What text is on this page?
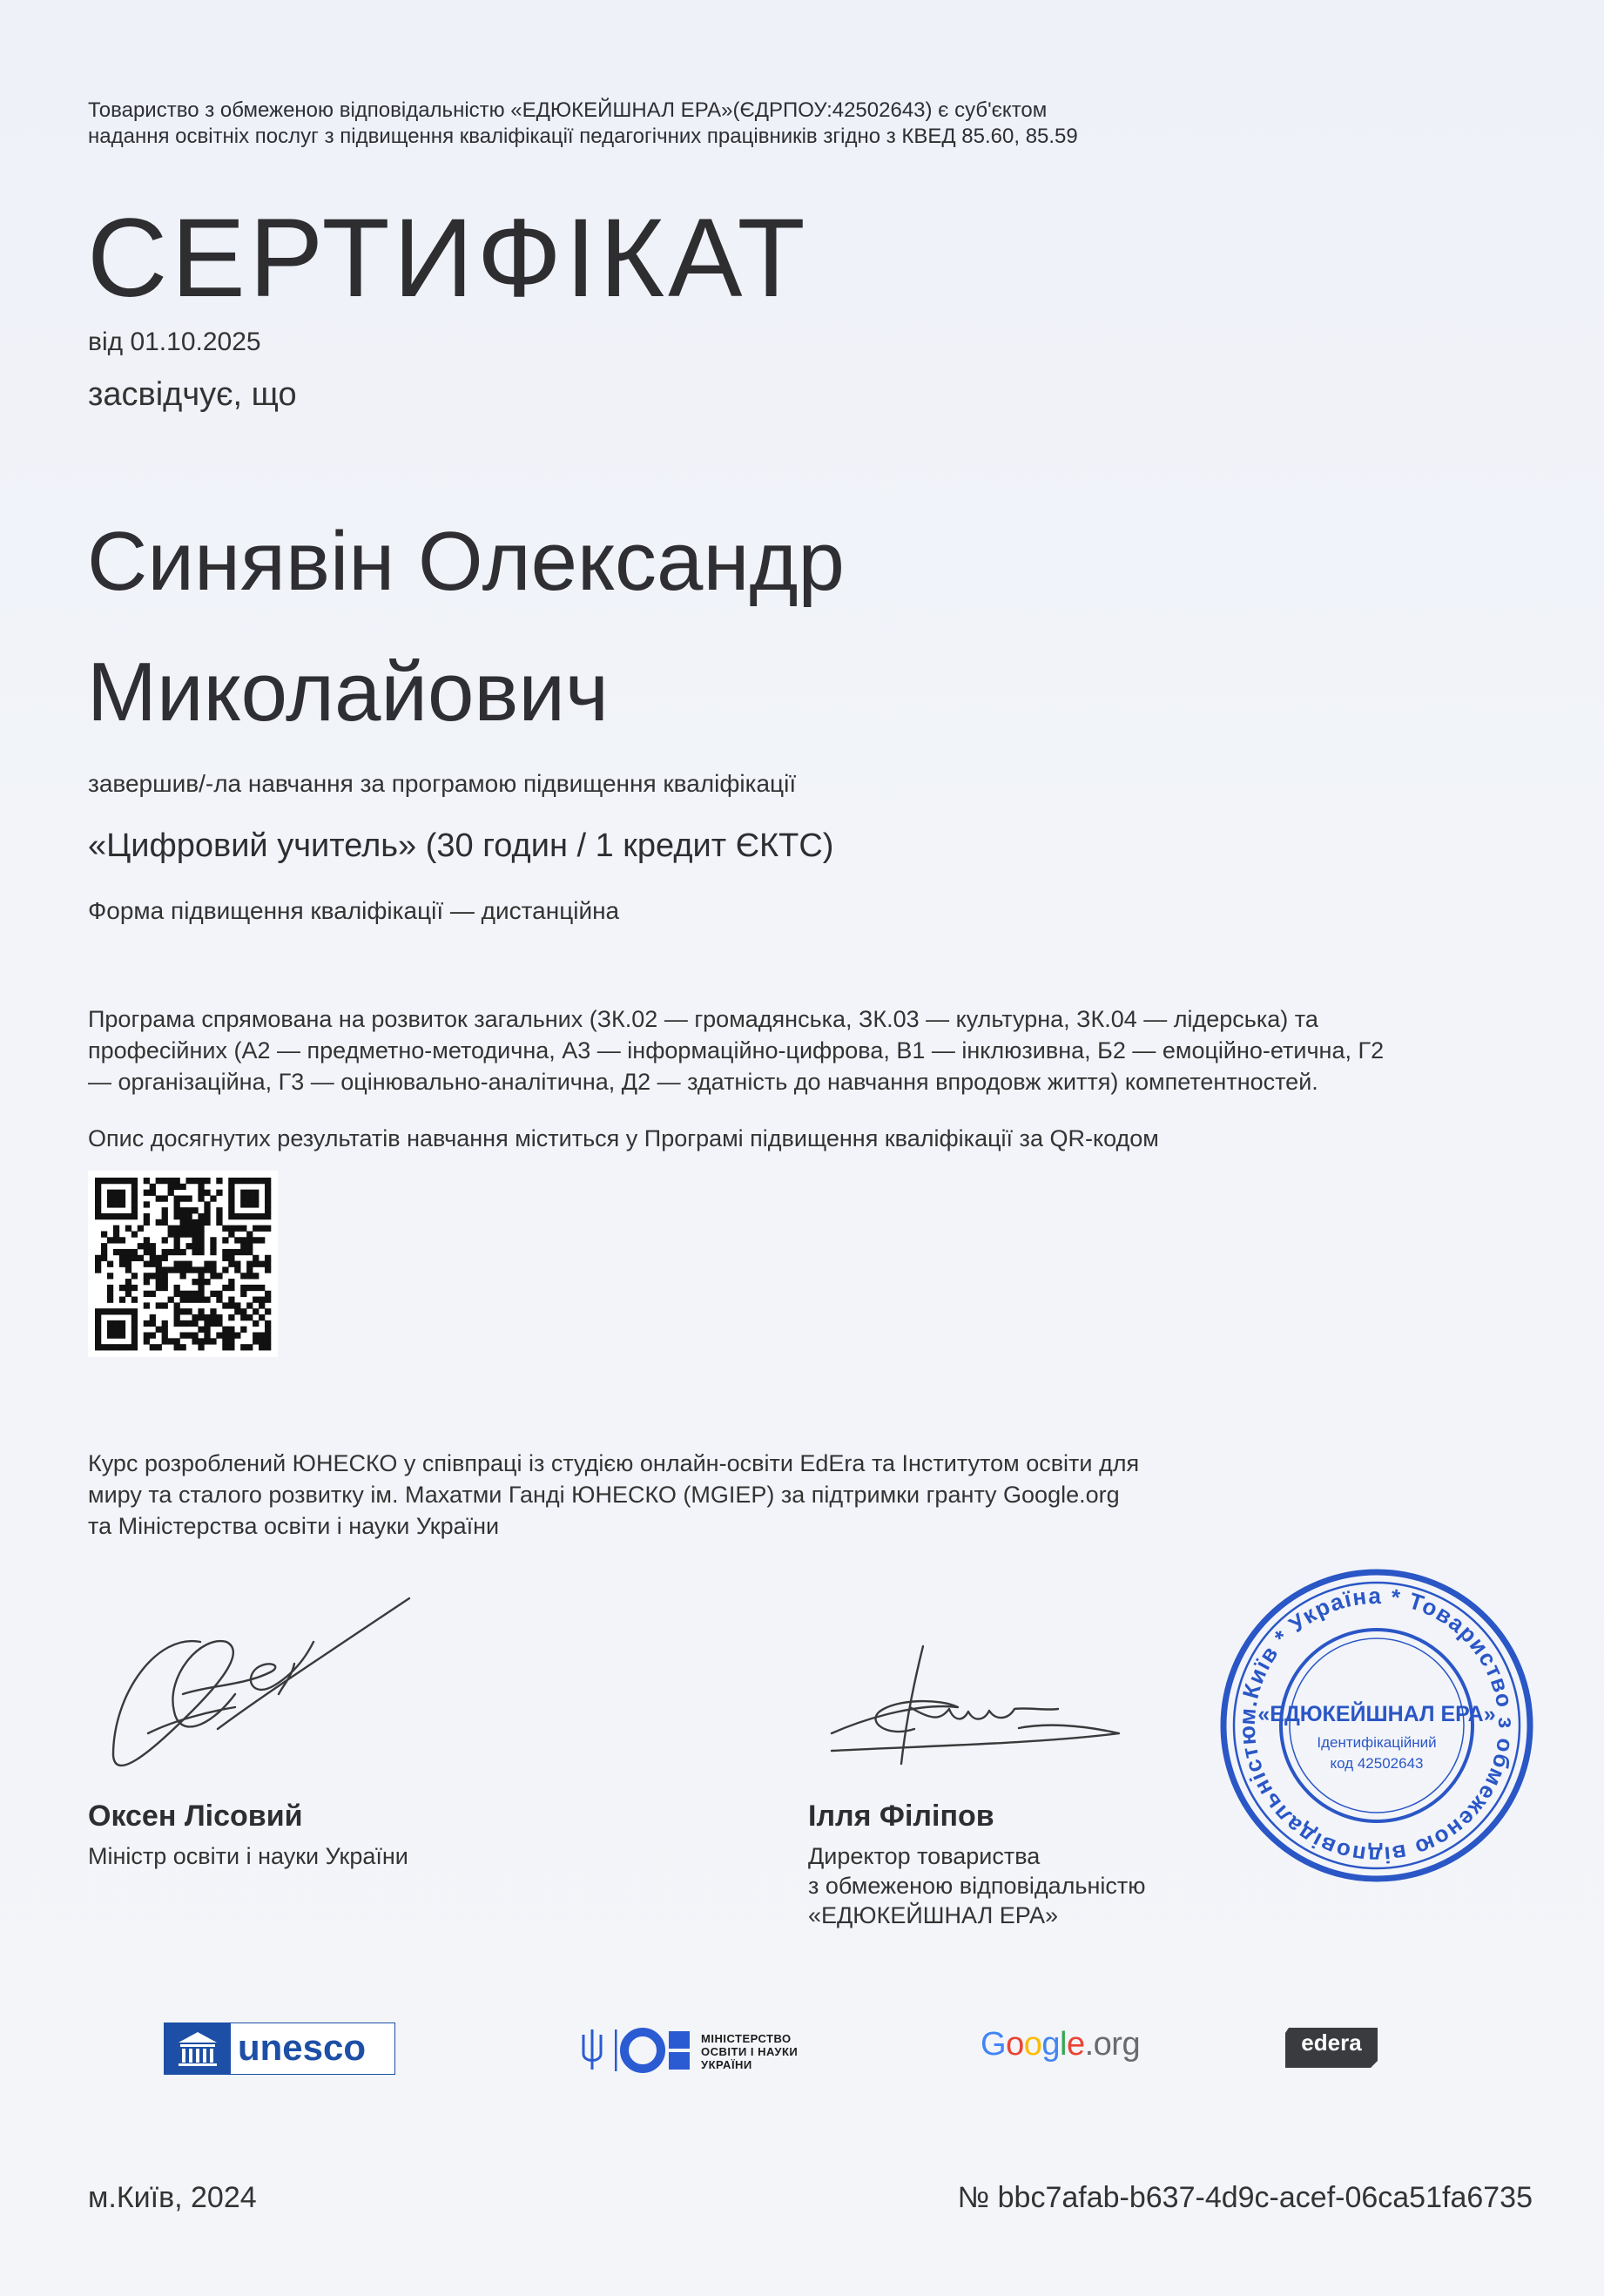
Товариство з обмеженою відповідальністю «ЕДЮКЕЙШНАЛ ЕРА»(ЄДРПОУ:42502643) є суб'єктом
надання освітніх послуг з підвищення кваліфікації педагогічних працівників згідно з КВЕД 85.60, 85.59
СЕРТИФІКАТ
від 01.10.2025
засвідчує, що
Синявін Олександр
Миколайович
завершив/-ла навчання за програмою підвищення кваліфікації
«Цифровий учитель» (30 годин / 1 кредит ЄКТС)
Форма підвищення кваліфікації — дистанційна
Програма спрямована на розвиток загальних (ЗК.02 — громадянська, ЗК.03 — культурна, ЗК.04 — лідерська) та
професійних (А2 — предметно-методична, А3 — інформаційно-цифрова, В1 — інклюзивна, Б2 — емоційно-етична, Г2
— організаційна, Г3 — оцінювально-аналітична, Д2 — здатність до навчання впродовж життя) компетентностей.
Опис досягнутих результатів навчання міститься у Програмі підвищення кваліфікації за QR-кодом
Курс розроблений ЮНЕСКО у співпраці із студією онлайн-освіти EdEra та Інститутом освіти для
миру та сталого розвитку ім. Махатми Ганді ЮНЕСКО (MGIEP) за підтримки гранту Google.org
та Міністерства освіти і науки України
Оксен Лісовий
Міністр освіти і науки України
Ілля Філіпов
Директор товариства
з обмеженою відповідальністю
«ЕДЮКЕЙШНАЛ ЕРА»
м.Київ * Україна * Товариство з обмеженою відповідальністю
«ЕДЮКЕЙШНАЛ ЕРА»
Ідентифікаційний
код 42502643
unesco	МІНІСТЕРСТВО
ОСВІТИ І НАУКИ
УКРАЇНИ
Google.org	edera
м.Київ, 2024	№ bbc7afab-b637-4d9c-acef-06ca51fa6735
